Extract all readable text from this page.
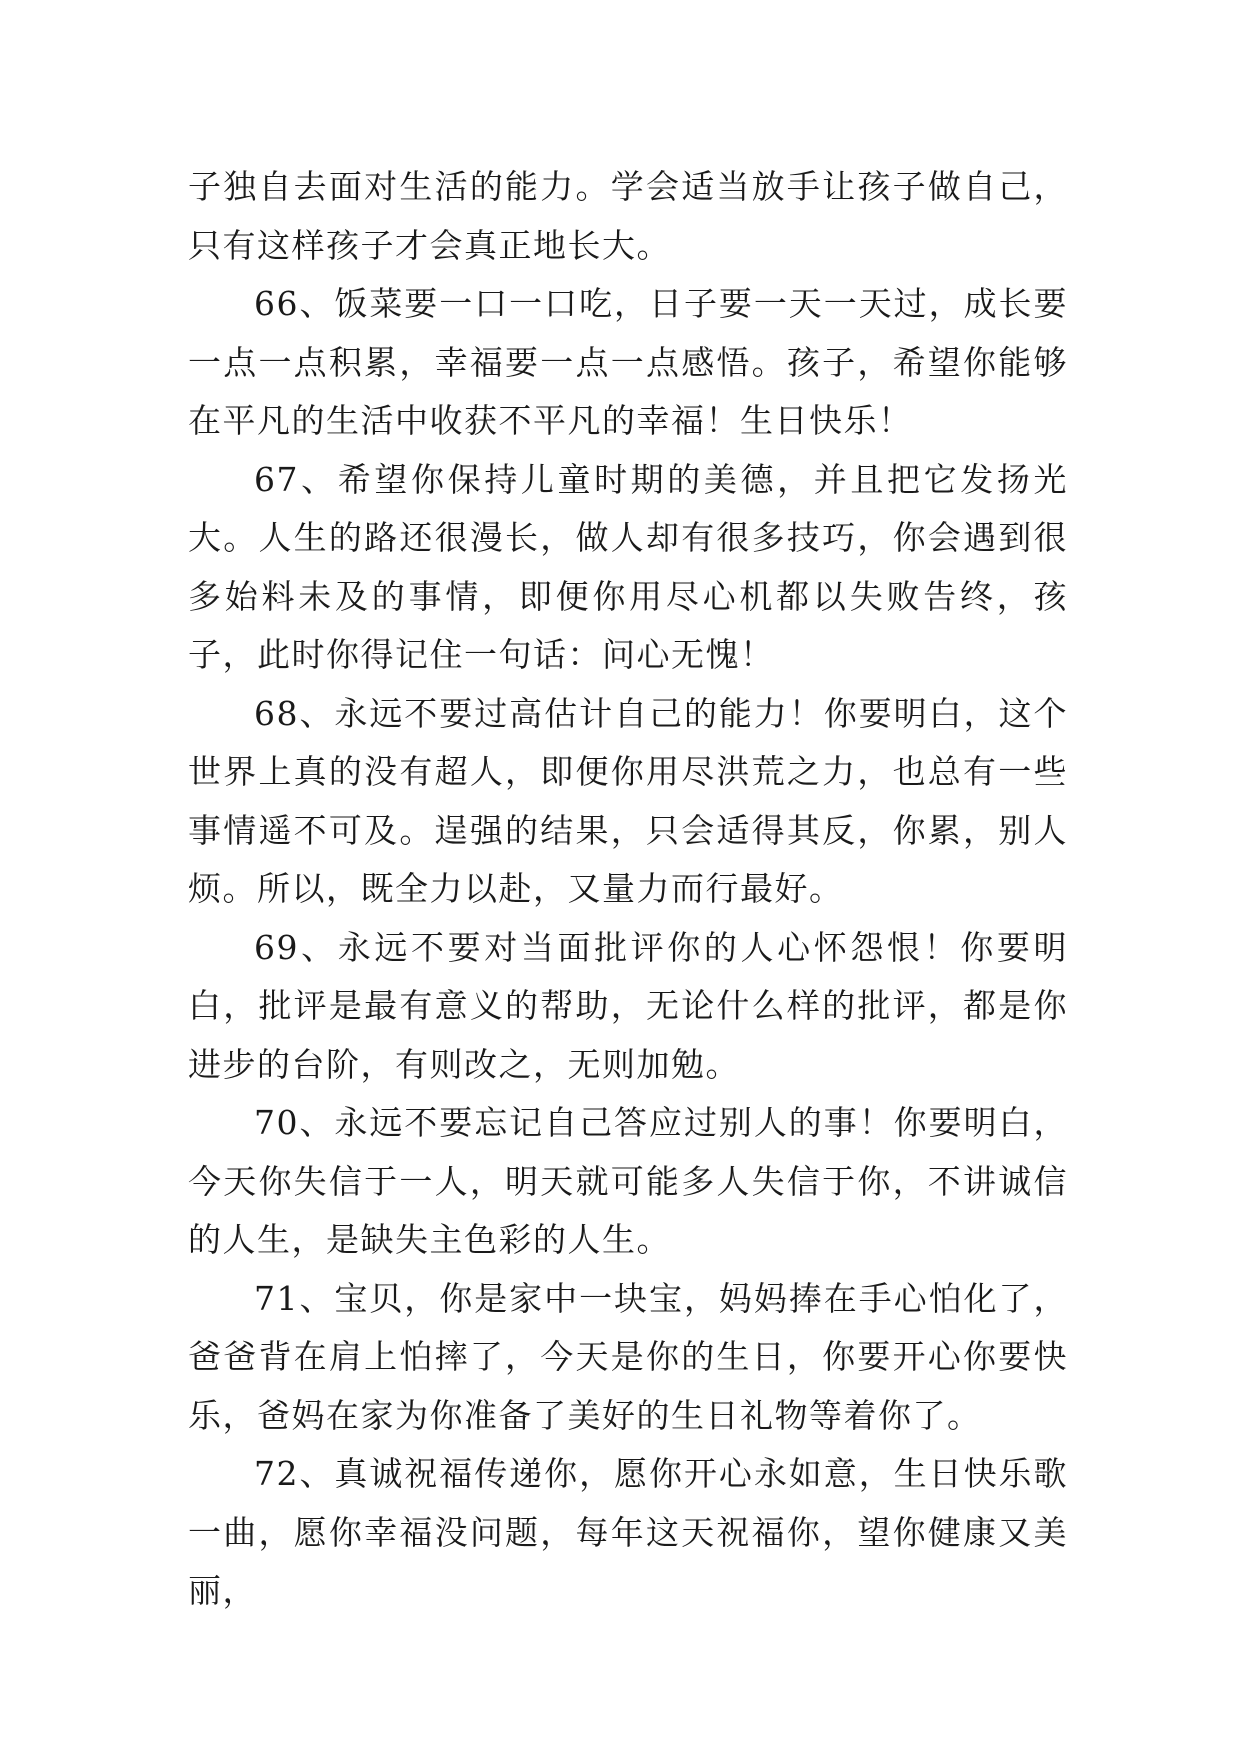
子独自去面对生活的能力。学会适当放手让孩子做自己，只有这样孩子才会真正地长大。

66、饭菜要一口一口吃，日子要一天一天过，成长要一点一点积累，幸福要一点一点感悟。孩子，希望你能够在平凡的生活中收获不平凡的幸福！生日快乐！

67、希望你保持儿童时期的美德，并且把它发扬光大。人生的路还很漫长，做人却有很多技巧，你会遇到很多始料未及的事情，即便你用尽心机都以失败告终，孩子，此时你得记住一句话：问心无愧！

68、永远不要过高估计自己的能力！你要明白，这个世界上真的没有超人，即便你用尽洪荒之力，也总有一些事情遥不可及。逞强的结果，只会适得其反，你累，别人烦。所以，既全力以赴，又量力而行最好。

69、永远不要对当面批评你的人心怀怨恨！你要明白，批评是最有意义的帮助，无论什么样的批评，都是你进步的台阶，有则改之，无则加勉。

70、永远不要忘记自己答应过别人的事！你要明白，今天你失信于一人，明天就可能多人失信于你，不讲诚信的人生，是缺失主色彩的人生。

71、宝贝，你是家中一块宝，妈妈捧在手心怕化了，爸爸背在肩上怕摔了，今天是你的生日，你要开心你要快乐，爸妈在家为你准备了美好的生日礼物等着你了。

72、真诚祝福传递你，愿你开心永如意，生日快乐歌一曲，愿你幸福没问题，每年这天祝福你，望你健康又美丽，
